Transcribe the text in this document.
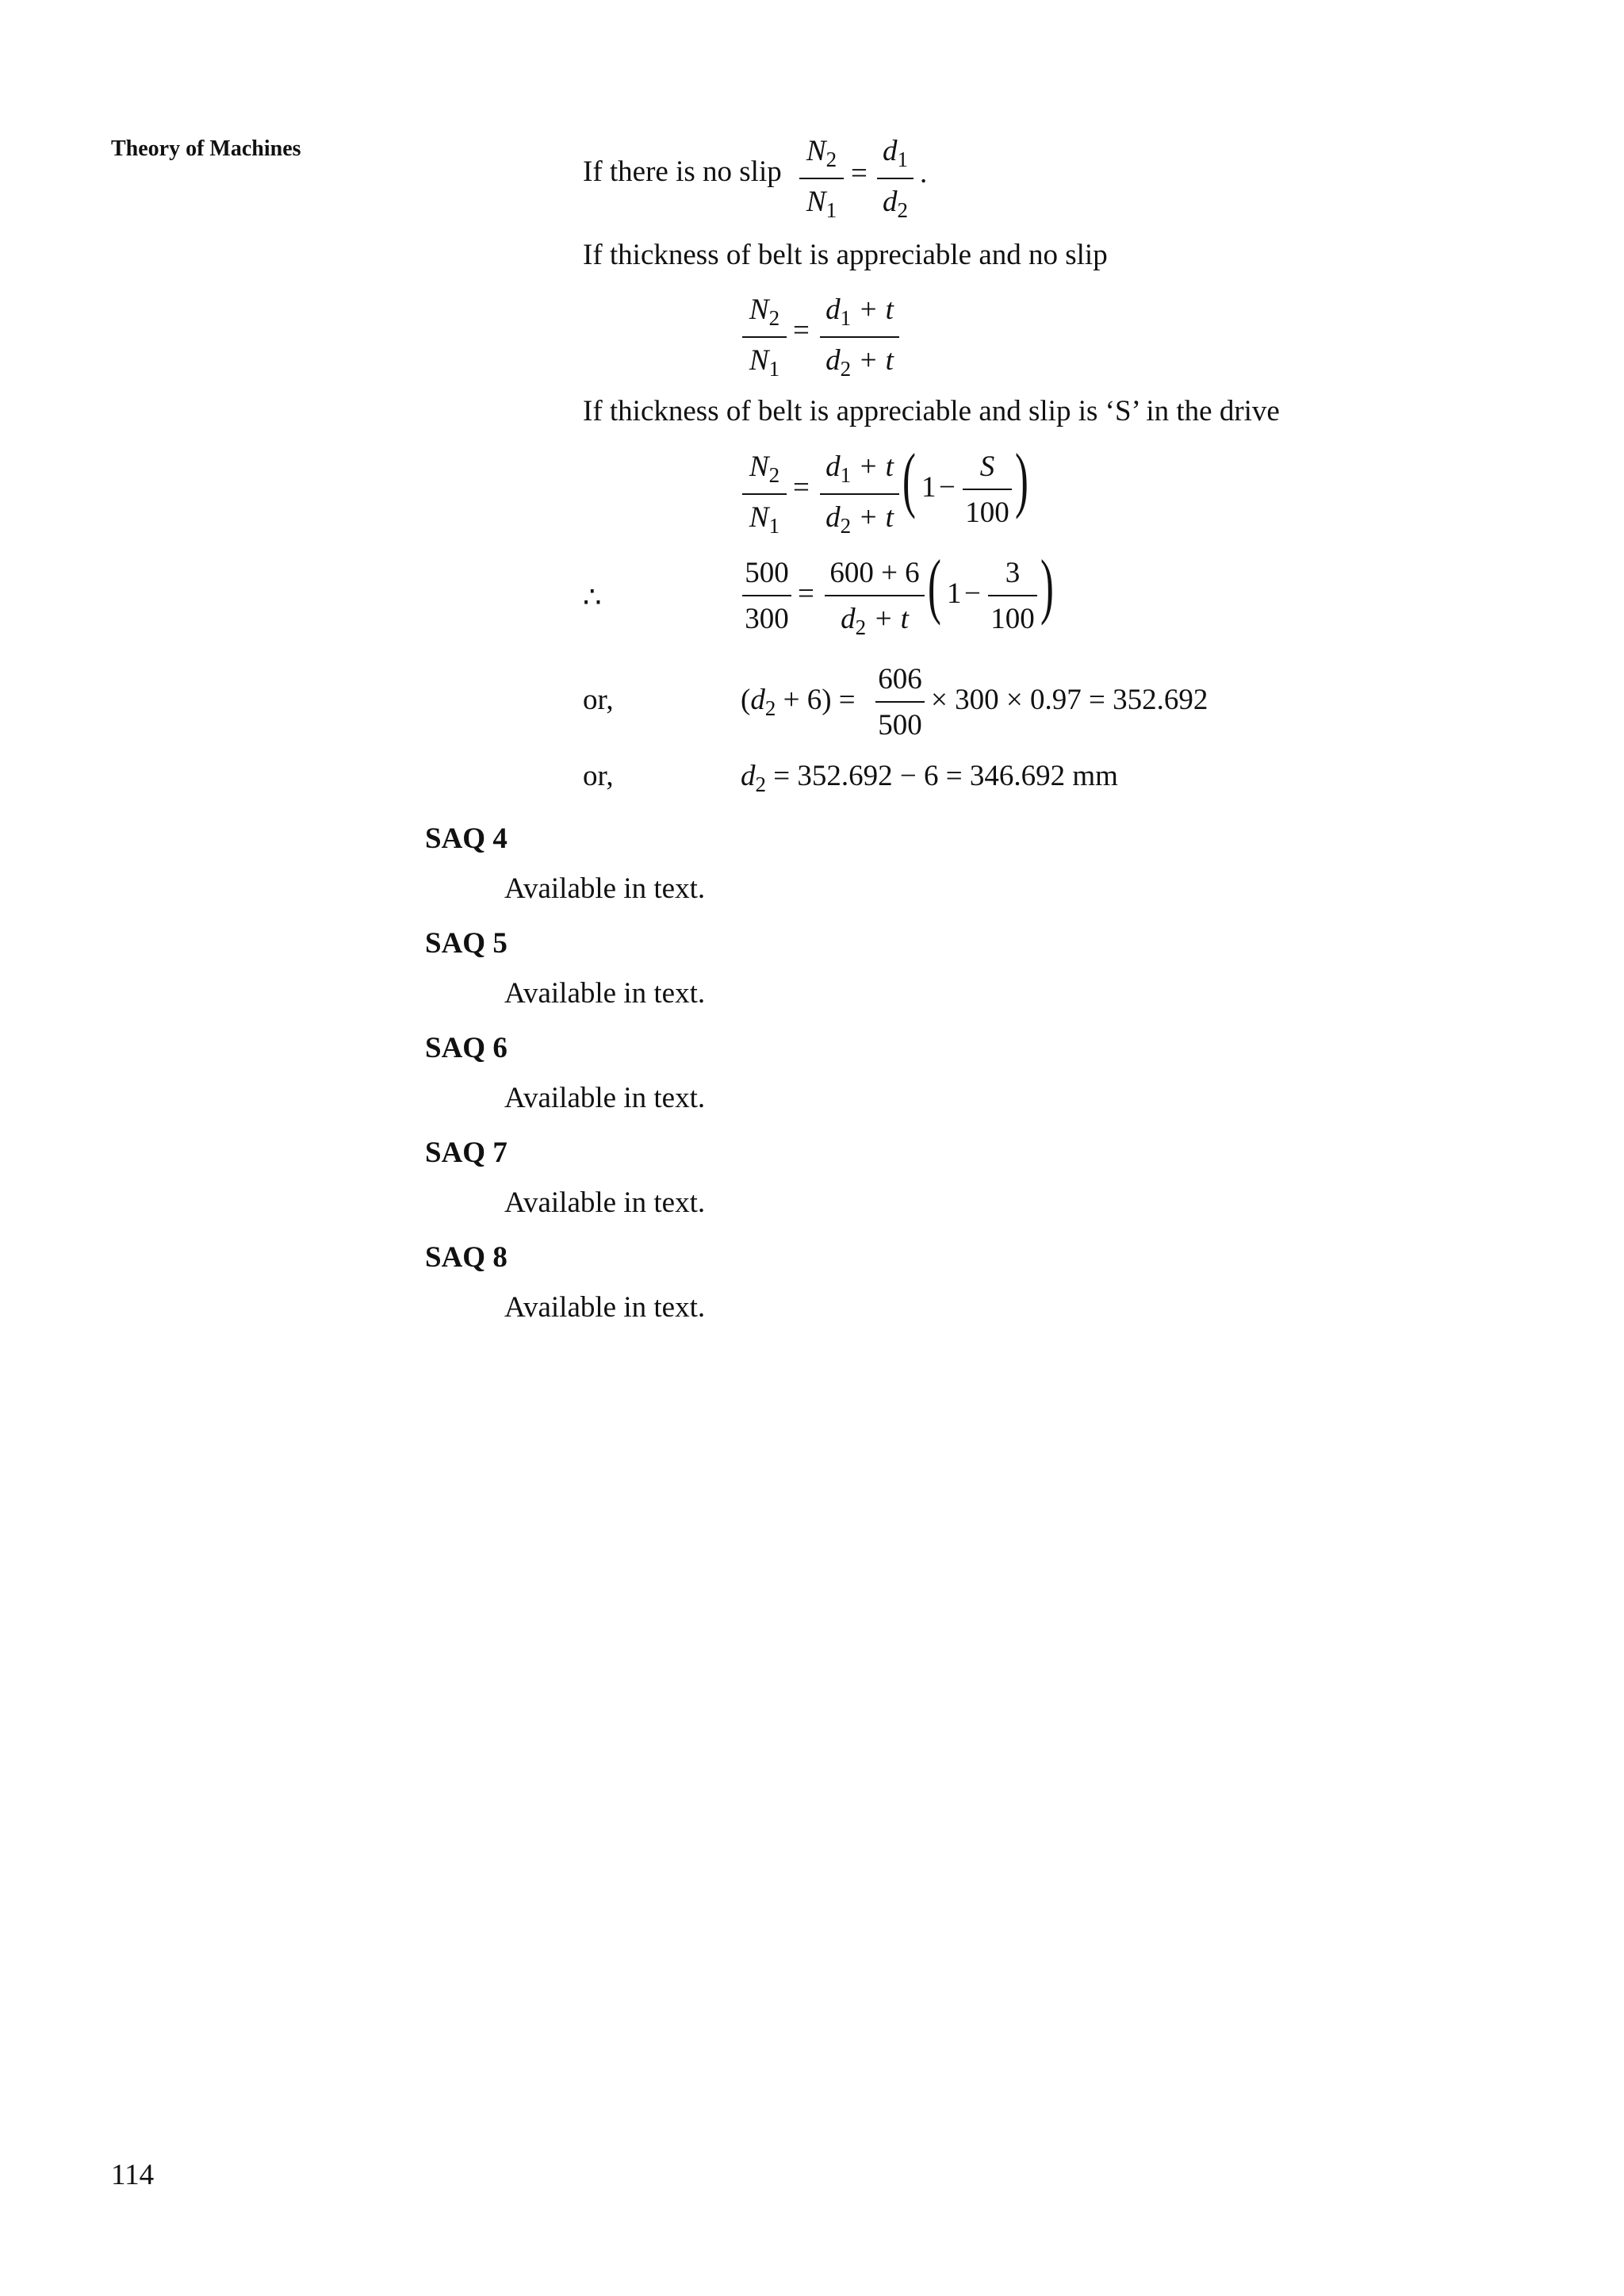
Theory of Machines
If there is no slip
$N_2$
$N_1$
=
$d_1$
$d_2$
.
If thickness of belt is appreciable and no slip
$N_2$
$N_1$
=
$d_1 + t$
$d_2 + t$
If thickness of belt is appreciable and slip is ‘S’ in the drive
$N_2$
$N_1$
=
$d_1 + t$
$d_2 + t$ ( 1 −
S
100 )
∴
500
300
=
600 + 6
$d_2 + t$ ( 1 −
3
100 )
or,	$(d_2 + 6)$ =
606
500
× 300 × 0.97 = 352.692
or,	$d_2 = 352.692 - 6 = 346.692$ mm
SAQ 4
Available in text.
SAQ 5
Available in text.
SAQ 6
Available in text.
SAQ 7
Available in text.
SAQ 8
Available in text.
114
